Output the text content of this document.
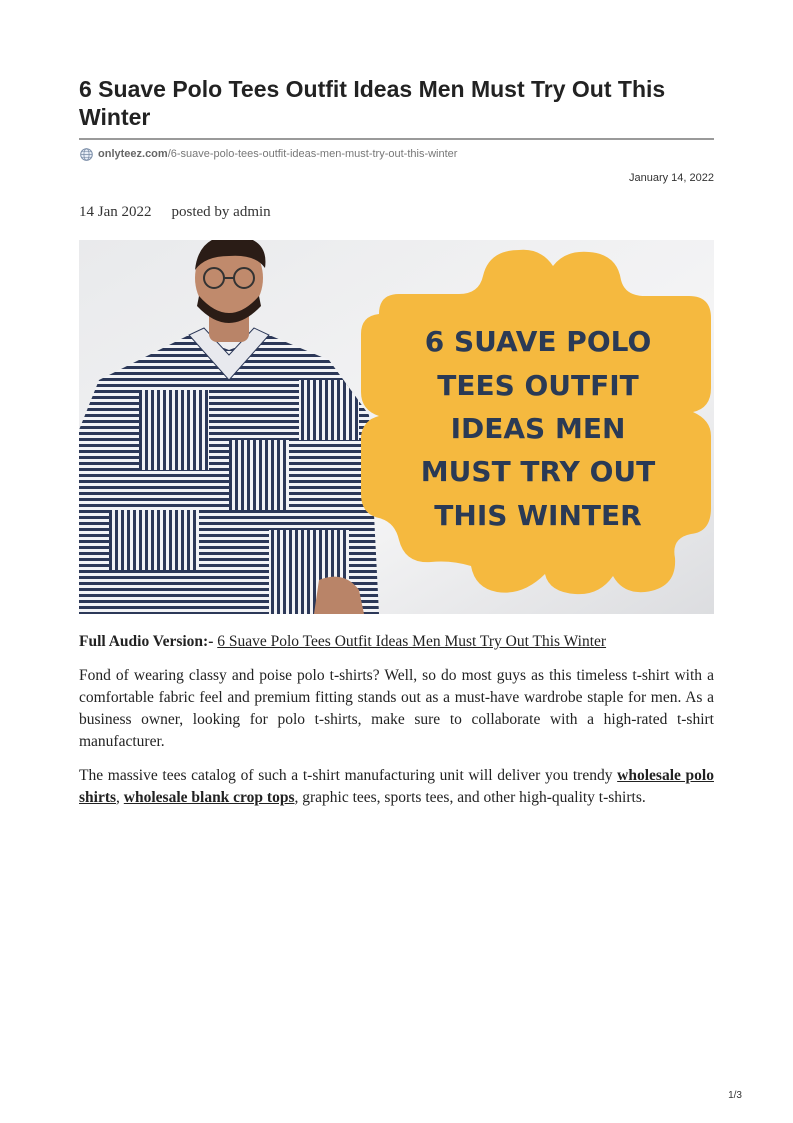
6 Suave Polo Tees Outfit Ideas Men Must Try Out This Winter
onlyteez.com /6-suave-polo-tees-outfit-ideas-men-must-try-out-this-winter
January 14, 2022
14 Jan 2022 posted by admin
6 SUAVE POLO
TEES OUTFIT
IDEAS MEN
MUST TRY OUT
THIS WINTER

Full Audio Version:- 6 Suave Polo Tees Outfit Ideas Men Must Try Out This Winter

Fond of wearing classy and poise polo t-shirts? Well, so do most guys as this timeless t-shirt with a comfortable fabric feel and premium fitting stands out as a must-have wardrobe staple for men. As a business owner, looking for polo t-shirts, make sure to collaborate with a high-rated t-shirt manufacturer.

The massive tees catalog of such a t-shirt manufacturing unit will deliver you trendy wholesale polo shirts, wholesale blank crop tops, graphic tees, sports tees, and other high-quality t-shirts.

1/3
